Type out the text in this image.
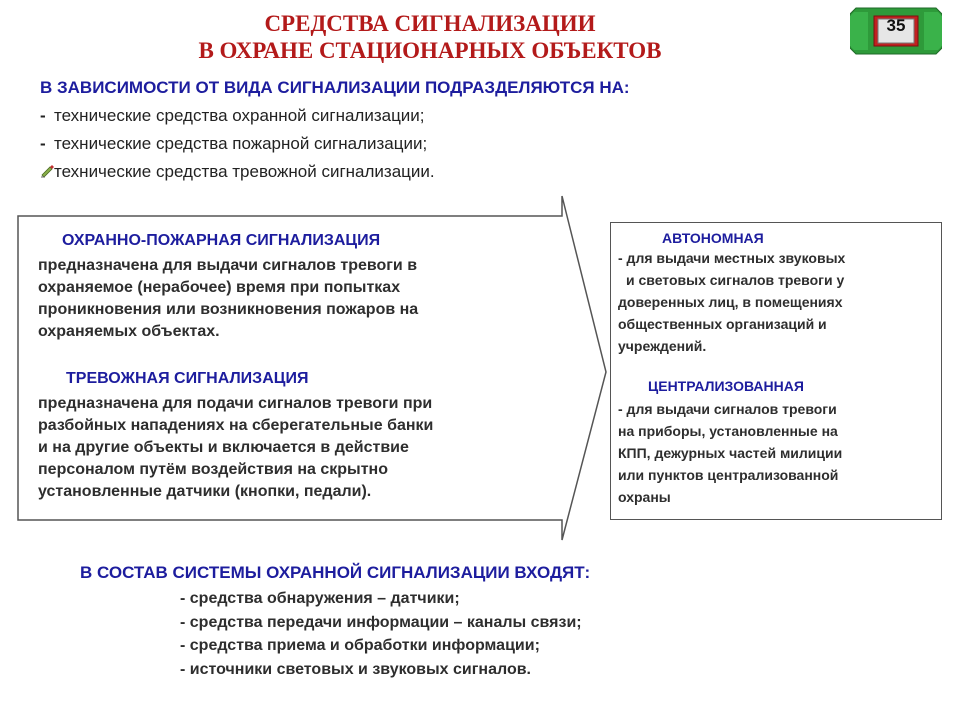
СРЕДСТВА СИГНАЛИЗАЦИИ
В ОХРАНЕ СТАЦИОНАРНЫХ ОБЪЕКТОВ
35
В ЗАВИСИМОСТИ ОТ ВИДА СИГНАЛИЗАЦИИ ПОДРАЗДЕЛЯЮТСЯ НА:
- технические средства охранной сигнализации;
- технические средства пожарной сигнализации;
технические средства тревожной сигнализации.
ОХРАННО-ПОЖАРНАЯ СИГНАЛИЗАЦИЯ
предназначена для выдачи сигналов тревоги в
охраняемое (нерабочее) время при попытках
проникновения или возникновения пожаров на
охраняемых объектах.
ТРЕВОЖНАЯ СИГНАЛИЗАЦИЯ
предназначена для подачи сигналов тревоги при
разбойных нападениях на сберегательные банки
и на другие объекты и включается в действие
персоналом путём воздействия на скрытно
установленные датчики (кнопки, педали).
АВТОНОМНАЯ
- для выдачи местных звуковых
и световых сигналов тревоги у
доверенных лиц, в помещениях
общественных организаций и
учреждений.
ЦЕНТРАЛИЗОВАННАЯ
- для выдачи сигналов тревоги
на приборы, установленные на
КПП, дежурных частей милиции
или пунктов централизованной
охраны
В СОСТАВ СИСТЕМЫ ОХРАННОЙ СИГНАЛИЗАЦИИ ВХОДЯТ:
- средства обнаружения – датчики;
- средства передачи информации – каналы связи;
- средства приема и обработки информации;
- источники световых и звуковых сигналов.
